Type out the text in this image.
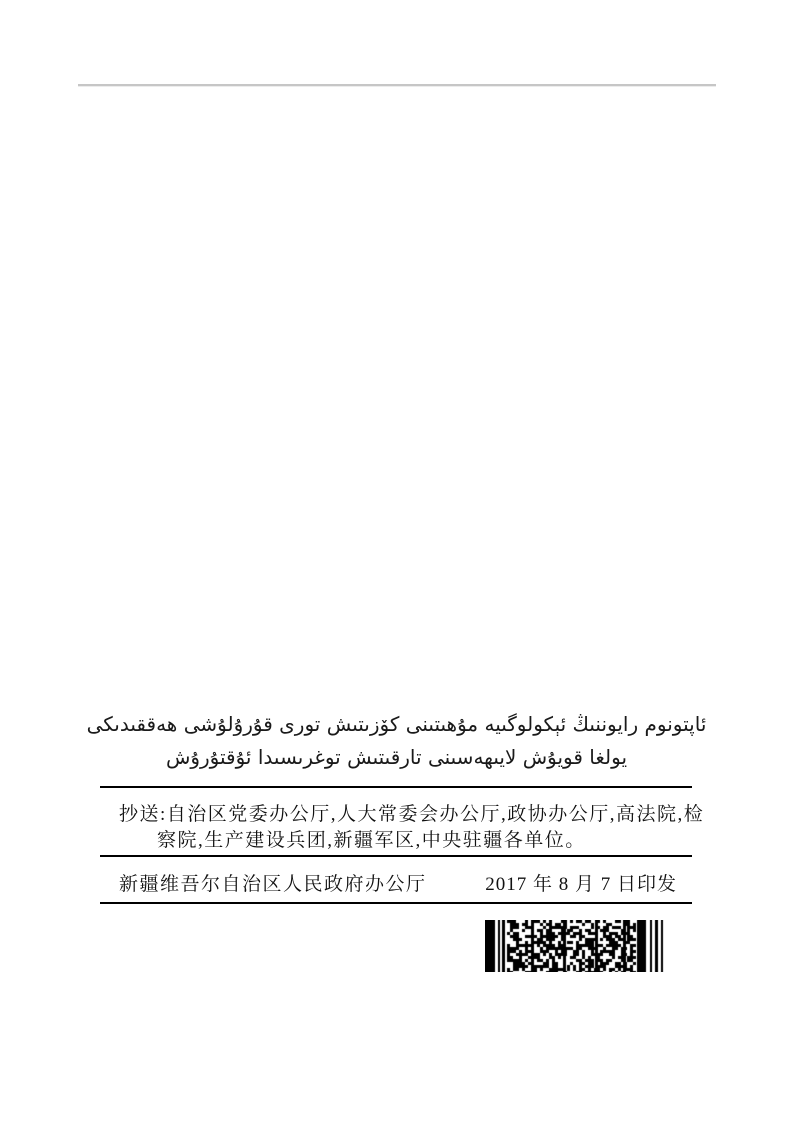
ئاپتونوم رايوننىڭ ئېكولوگىيە مۇھىتىنى كۆزىتىش تورى قۇرۇلۇشى ھەققىدىكى
يولغا قويۇش لايىھەسىنى تارقىتىش توغرىسىدا ئۇقتۇرۇش
抄送:自治区党委办公厅,人大常委会办公厅,政协办公厅,高法院,检
察院,生产建设兵团,新疆军区,中央驻疆各单位。
新疆维吾尔自治区人民政府办公厅	2017 年 8 月 7 日印发
